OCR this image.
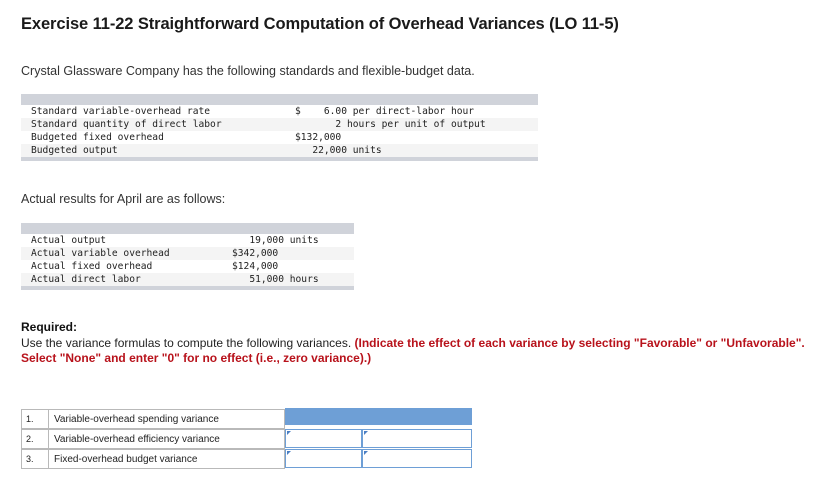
Exercise 11-22 Straightforward Computation of Overhead Variances (LO 11-5)
Crystal Glassware Company has the following standards and flexible-budget data.
Standard variable-overhead rate	$    6.00 per direct-labor hour
Standard quantity of direct labor	2 hours per unit of output
Budgeted fixed overhead	$132,000
Budgeted output	22,000 units
Actual results for April are as follows:
Actual output	19,000 units
Actual variable overhead	$342,000
Actual fixed overhead	$124,000
Actual direct labor	51,000 hours
Required:
Use the variance formulas to compute the following variances. (Indicate the effect of each variance by selecting "Favorable" or "Unfavorable". Select "None" and enter "0" for no effect (i.e., zero variance).)
1.	Variable-overhead spending variance
2.	Variable-overhead efficiency variance
3.	Fixed-overhead budget variance
